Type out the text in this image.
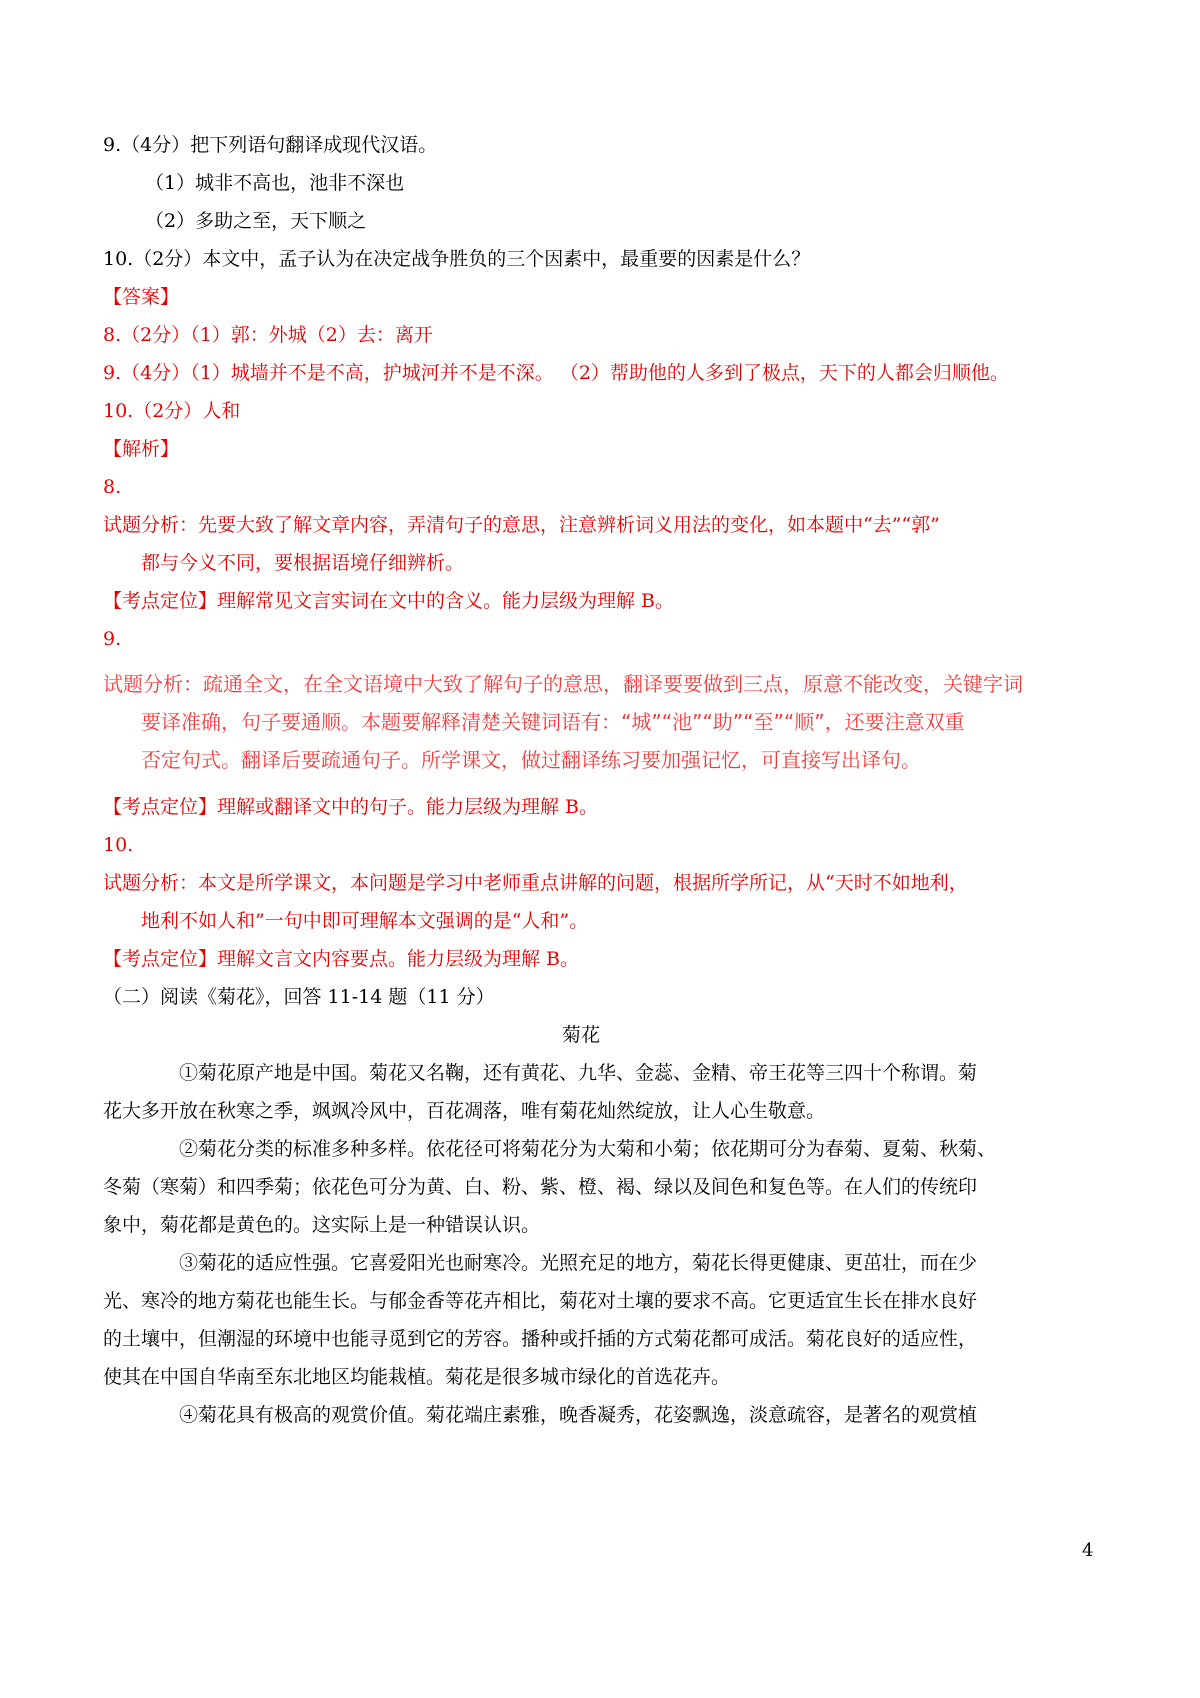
9.（4分）把下列语句翻译成现代汉语。
（1）城非不高也，池非不深也
（2）多助之至，天下顺之
10.（2分）本文中，孟子认为在决定战争胜负的三个因素中，最重要的因素是什么？
【答案】
8.（2分）（1）郭：外城（2）去：离开
9.（4分）（1）城墙并不是不高，护城河并不是不深。 （2）帮助他的人多到了极点，天下的人都会归顺他。
10.（2分）人和
【解析】
8.
试题分析：先要大致了解文章内容，弄清句子的意思，注意辨析词义用法的变化，如本题中“去”“郭”
都与今义不同，要根据语境仔细辨析。
【考点定位】理解常见文言实词在文中的含义。能力层级为理解 B。
9.
试题分析：疏通全文，在全文语境中大致了解句子的意思，翻译要要做到三点，原意不能改变，关键字词
要译准确，句子要通顺。本题要解释清楚关键词语有：“城”“池”“助”“至”“顺”，还要注意双重
否定句式。翻译后要疏通句子。所学课文，做过翻译练习要加强记忆，可直接写出译句。
【考点定位】理解或翻译文中的句子。能力层级为理解 B。
10.
试题分析：本文是所学课文，本问题是学习中老师重点讲解的问题，根据所学所记，从“天时不如地利，
地利不如人和”一句中即可理解本文强调的是“人和”。
【考点定位】理解文言文内容要点。能力层级为理解 B。
（二）阅读《菊花》，回答 11-14 题（11 分）
菊花
①菊花原产地是中国。菊花又名鞠，还有黄花、九华、金蕊、金精、帝王花等三四十个称谓。菊
花大多开放在秋寒之季，飒飒冷风中，百花凋落，唯有菊花灿然绽放，让人心生敬意。
②菊花分类的标准多种多样。依花径可将菊花分为大菊和小菊；依花期可分为春菊、夏菊、秋菊、
冬菊（寒菊）和四季菊；依花色可分为黄、白、粉、紫、橙、褐、绿以及间色和复色等。在人们的传统印
象中，菊花都是黄色的。这实际上是一种错误认识。
③菊花的适应性强。它喜爱阳光也耐寒冷。光照充足的地方，菊花长得更健康、更茁壮，而在少
光、寒冷的地方菊花也能生长。与郁金香等花卉相比，菊花对土壤的要求不高。它更适宜生长在排水良好
的土壤中，但潮湿的环境中也能寻觅到它的芳容。播种或扦插的方式菊花都可成活。菊花良好的适应性，
使其在中国自华南至东北地区均能栽植。菊花是很多城市绿化的首选花卉。
④菊花具有极高的观赏价值。菊花端庄素雅，晚香凝秀，花姿飘逸，淡意疏容，是著名的观赏植
4
